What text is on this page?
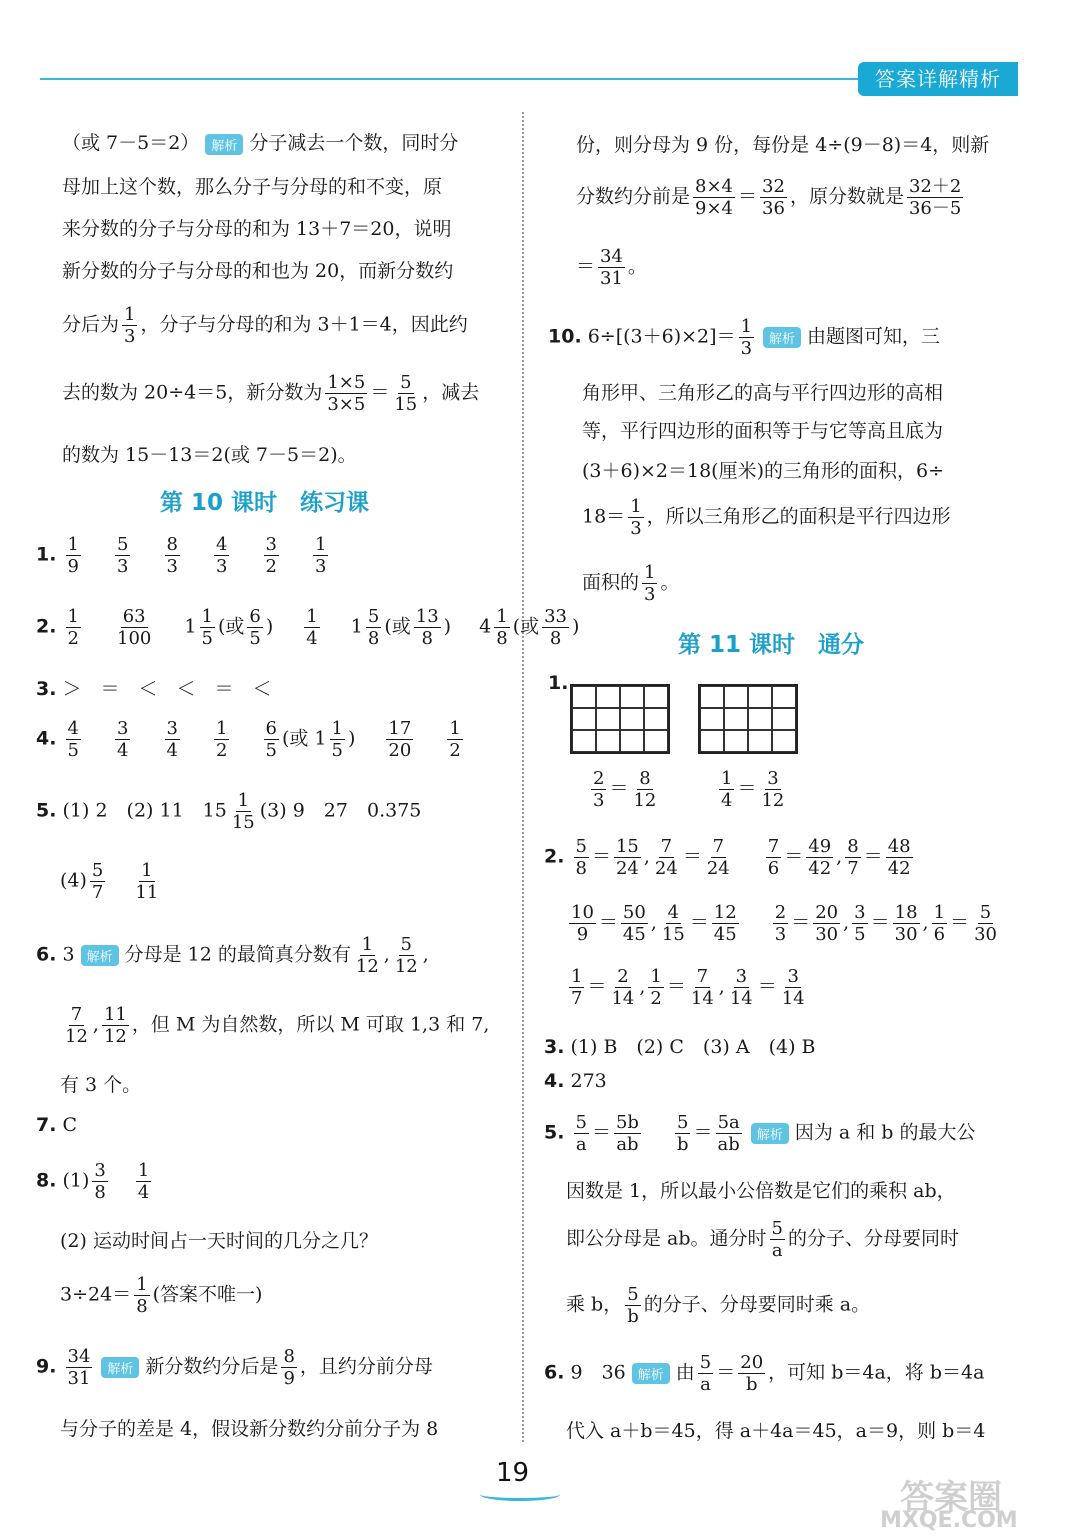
答案详解精析
（或 7－5＝2） 解析 分子减去一个数，同时分
母加上这个数，那么分子与分母的和不变，原
来分数的分子与分母的和为 13＋7＝20，说明
新分数的分子与分母的和也为 20，而新分数约
分后为 $\frac{1}{3}$ ，分子与分母的和为 3＋1＝4，因此约
去的数为 20÷4＝5，新分数为 $\frac{1\times 5}{3\times 5} = \frac{5}{15}$ ，减去
的数为 15－13＝2(或 7－5＝2)。
第 10 课时　练习课
1. $\frac{1}{9}$
$\frac{5}{3}$
$\frac{8}{3}$
$\frac{4}{3}$
$\frac{3}{2}$
$\frac{1}{3}$
2. $\frac{1}{2}$
$\frac{63}{100} 1 \frac{1}{5}$ (或 $\frac{6}{5}$ ) $\frac{1}{4} 1 \frac{5}{8}$ (或 $\frac{13}{8}$ ) $4 \frac{1}{8}$ (或 $\frac{33}{8}$ )
3. ＞　＝　＜　＜　＝　＜
4. $\frac{4}{5}$
$\frac{3}{4}$
$\frac{3}{4}$
$\frac{1}{2}$
$\frac{6}{5}$ (或 $1 \frac{1}{5}$ ) $\frac{17}{20}$
$\frac{1}{2}$
5. (1) 2　(2) 11　$15 \frac{1}{15} (3)$ 9　27　0.375
$(4) \frac{5}{7} \frac{1}{11}$
6. 3 解析 分母是 12 的最简真分数有 $\frac{1}{12}$ , $\frac{5}{12}$ ,
$\frac{7}{12}$ , $\frac{11}{12}$ ，但 M 为自然数，所以 M 可取 1,3 和 7,
有 3 个。
7. C
8. $(1) \frac{3}{8} \frac{1}{4}$
(2) 运动时间占一天时间的几分之几？
$3\div 24= \frac{1}{8}$ (答案不唯一)
9. $\frac{34}{31}$ 解析 新分数约分后是 $\frac{8}{9}$ ，且约分前分母
与分子的差是 4，假设新分数约分前分子为 8
份，则分母为 9 份，每份是 4÷(9－8)＝4，则新
分数约分前是 $\frac{8\times 4}{9\times 4} = \frac{32}{36}$ ，原分数就是 $\frac{32+2}{36-5}$
＝ $\frac{34}{31}$ 。
10. $6\div[(3+6)\times 2]= \frac{1}{3}$ 解析 由题图可知，三
角形甲、三角形乙的高与平行四边形的高相
等，平行四边形的面积等于与它等高且底为
(3＋6)×2＝18(厘米)的三角形的面积，6÷
$18= \frac{1}{3}$ ，所以三角形乙的面积是平行四边形
面积的 $\frac{1}{3}$ 。
第 11 课时　通分
1.
$\frac{2}{3} = \frac{8}{12}$	$\frac{1}{4} = \frac{3}{12}$
2. $\frac{5}{8} = \frac{15}{24}$ , $\frac{7}{24} = \frac{7}{24}$
$\frac{7}{6} = \frac{49}{42}$ , $\frac{8}{7} = \frac{48}{42}$
$\frac{10}{9} = \frac{50}{45}$ , $\frac{4}{15} = \frac{12}{45}$
$\frac{2}{3} = \frac{20}{30}$ , $\frac{3}{5} = \frac{18}{30}$ , $\frac{1}{6} = \frac{5}{30}$
$\frac{1}{7} = \frac{2}{14}$ , $\frac{1}{2} = \frac{7}{14}$ , $\frac{3}{14} = \frac{3}{14}$
3. (1) B　(2) C　(3) A　(4) B
4. 273
5. $\frac{5}{a} = \frac{5b}{ab}$
$\frac{5}{b} = \frac{5a}{ab}$ 解析 因为 a 和 b 的最大公
因数是 1，所以最小公倍数是它们的乘积 ab，
即公分母是 ab。通分时 $\frac{5}{a}$ 的分子、分母要同时
乘 b， $\frac{5}{b}$ 的分子、分母要同时乘 a。
6. 9　36 解析 由 $\frac{5}{a} = \frac{20}{b}$ ，可知 b＝4a，将 b＝4a
代入 a＋b＝45，得 a＋4a＝45，a＝9，则 b＝4
19
答案圈
MXQE.COM
